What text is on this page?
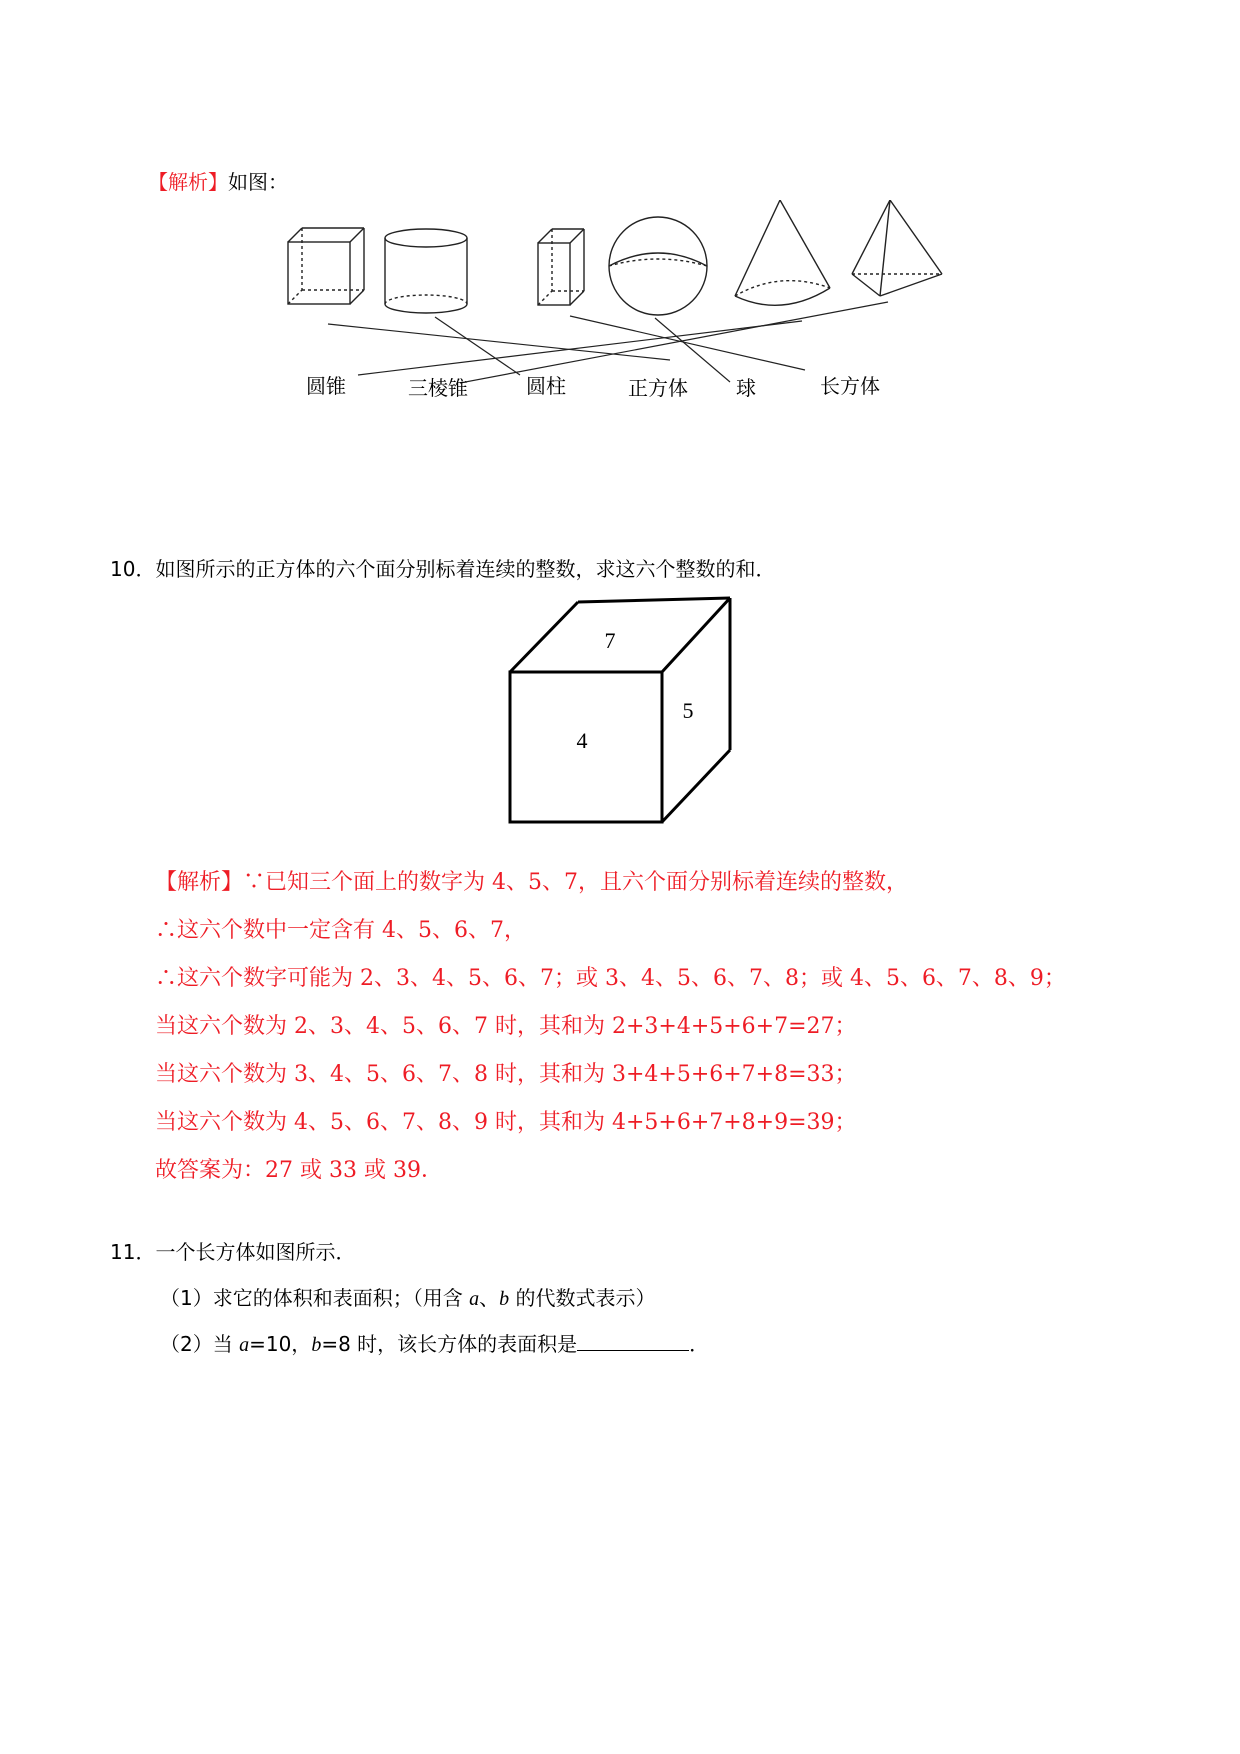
【解析】如图：
圆锥	三棱锥	圆柱	正方体 球	长方体
10．如图所示的正方体的六个面分别标着连续的整数，求这六个整数的和．
7
4
5
【解析】∵已知三个面上的数字为 4、5、7，且六个面分别标着连续的整数，
∴这六个数中一定含有 4、5、6、7，
∴这六个数字可能为 2、3、4、5、6、7；或 3、4、5、6、7、8；或 4、5、6、7、8、9；
当这六个数为 2、3、4、5、6、7 时，其和为 2+3+4+5+6+7=27；
当这六个数为 3、4、5、6、7、8 时，其和为 3+4+5+6+7+8=33；
当这六个数为 4、5、6、7、8、9 时，其和为 4+5+6+7+8+9=39；
故答案为：27 或 33 或 39．
11．一个长方体如图所示．
（1）求它的体积和表面积；（用含 a、b 的代数式表示）
（2）当 a=10，b=8 时，该长方体的表面积是	．
